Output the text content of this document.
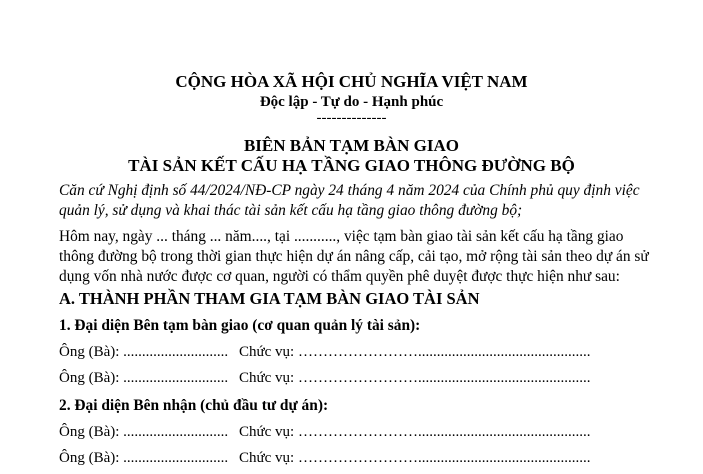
CỘNG HÒA XÃ HỘI CHỦ NGHĨA VIỆT NAM
Độc lập - Tự do - Hạnh phúc
--------------
BIÊN BẢN TẠM BÀN GIAO
TÀI SẢN KẾT CẤU HẠ TẦNG GIAO THÔNG ĐƯỜNG BỘ
Căn cứ Nghị định số 44/2024/NĐ-CP ngày 24 tháng 4 năm 2024 của Chính phủ quy định việc quản lý, sử dụng và khai thác tài sản kết cấu hạ tầng giao thông đường bộ;
Hôm nay, ngày ... tháng ... năm...., tại ..........., việc tạm bàn giao tài sản kết cấu hạ tầng giao thông đường bộ trong thời gian thực hiện dự án nâng cấp, cải tạo, mở rộng tài sản theo dự án sử dụng vốn nhà nước được cơ quan, người có thẩm quyền phê duyệt được thực hiện như sau:
A. THÀNH PHẦN THAM GIA TẠM BÀN GIAO TÀI SẢN
1. Đại diện Bên tạm bàn giao (cơ quan quản lý tài sản):
Ông (Bà): ............................ Chức vụ: ……………………..............................................
Ông (Bà): ............................ Chức vụ: ……………………..............................................
2. Đại diện Bên nhận (chủ đầu tư dự án):
Ông (Bà): ............................ Chức vụ: ……………………..............................................
Ông (Bà): ............................ Chức vụ: ……………………..............................................
